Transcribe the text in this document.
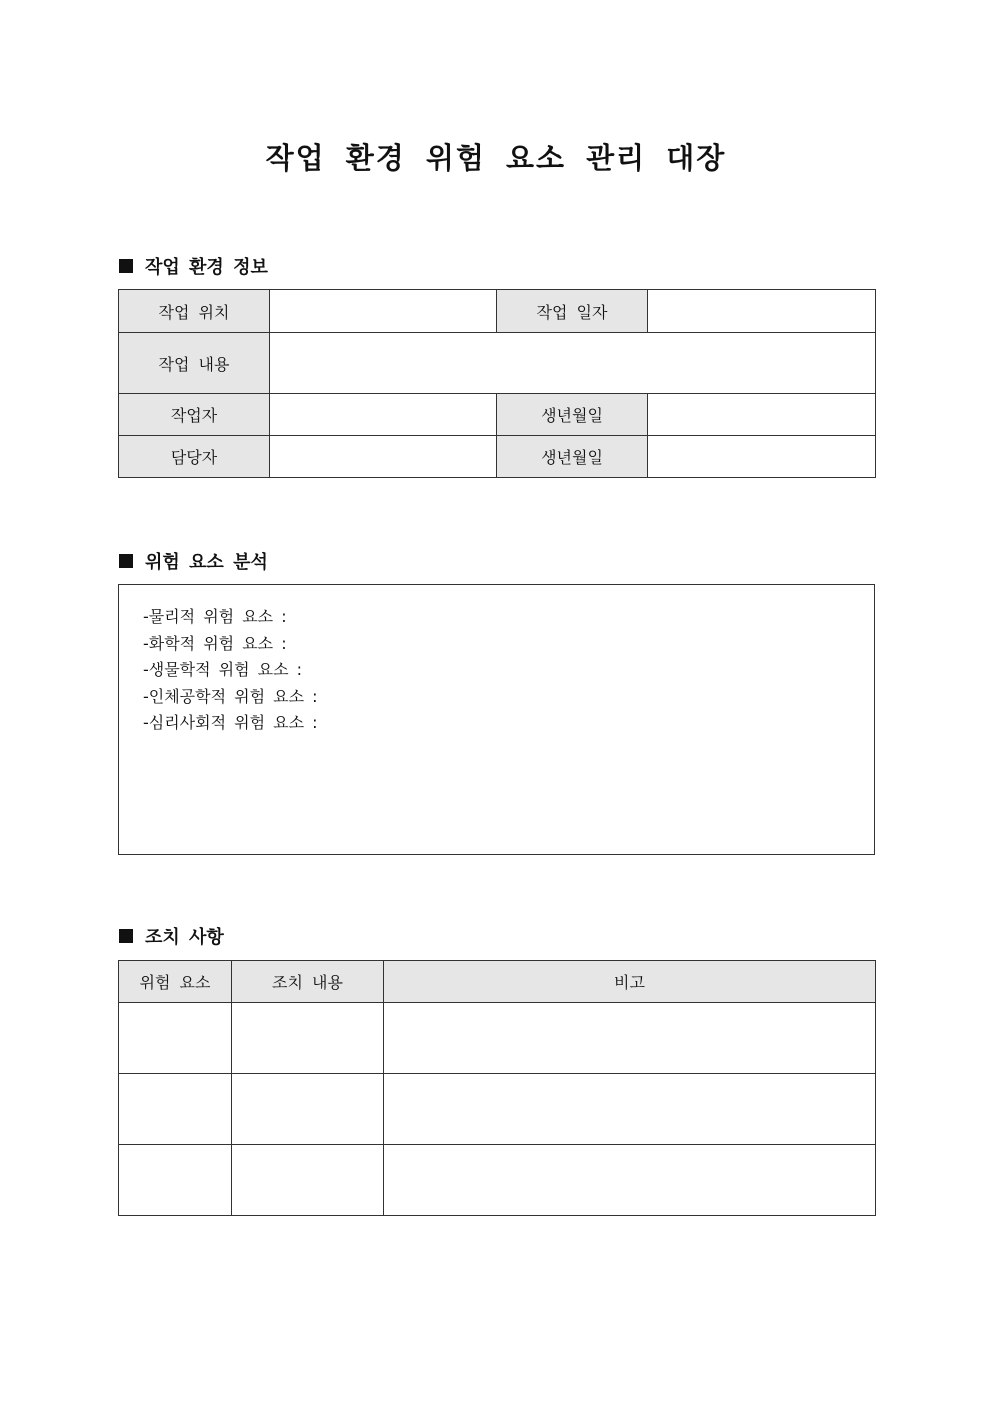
작업 환경 위험 요소 관리 대장
작업 환경 정보
작업 위치		작업 일자	
작업 내용			
작업자		생년월일	
담당자		생년월일	
위험 요소 분석
-물리적 위험 요소 :
-화학적 위험 요소 :
-생물학적 위험 요소 :
-인체공학적 위험 요소 :
-심리사회적 위험 요소 :
조치 사항
위험 요소	조치 내용	비고
